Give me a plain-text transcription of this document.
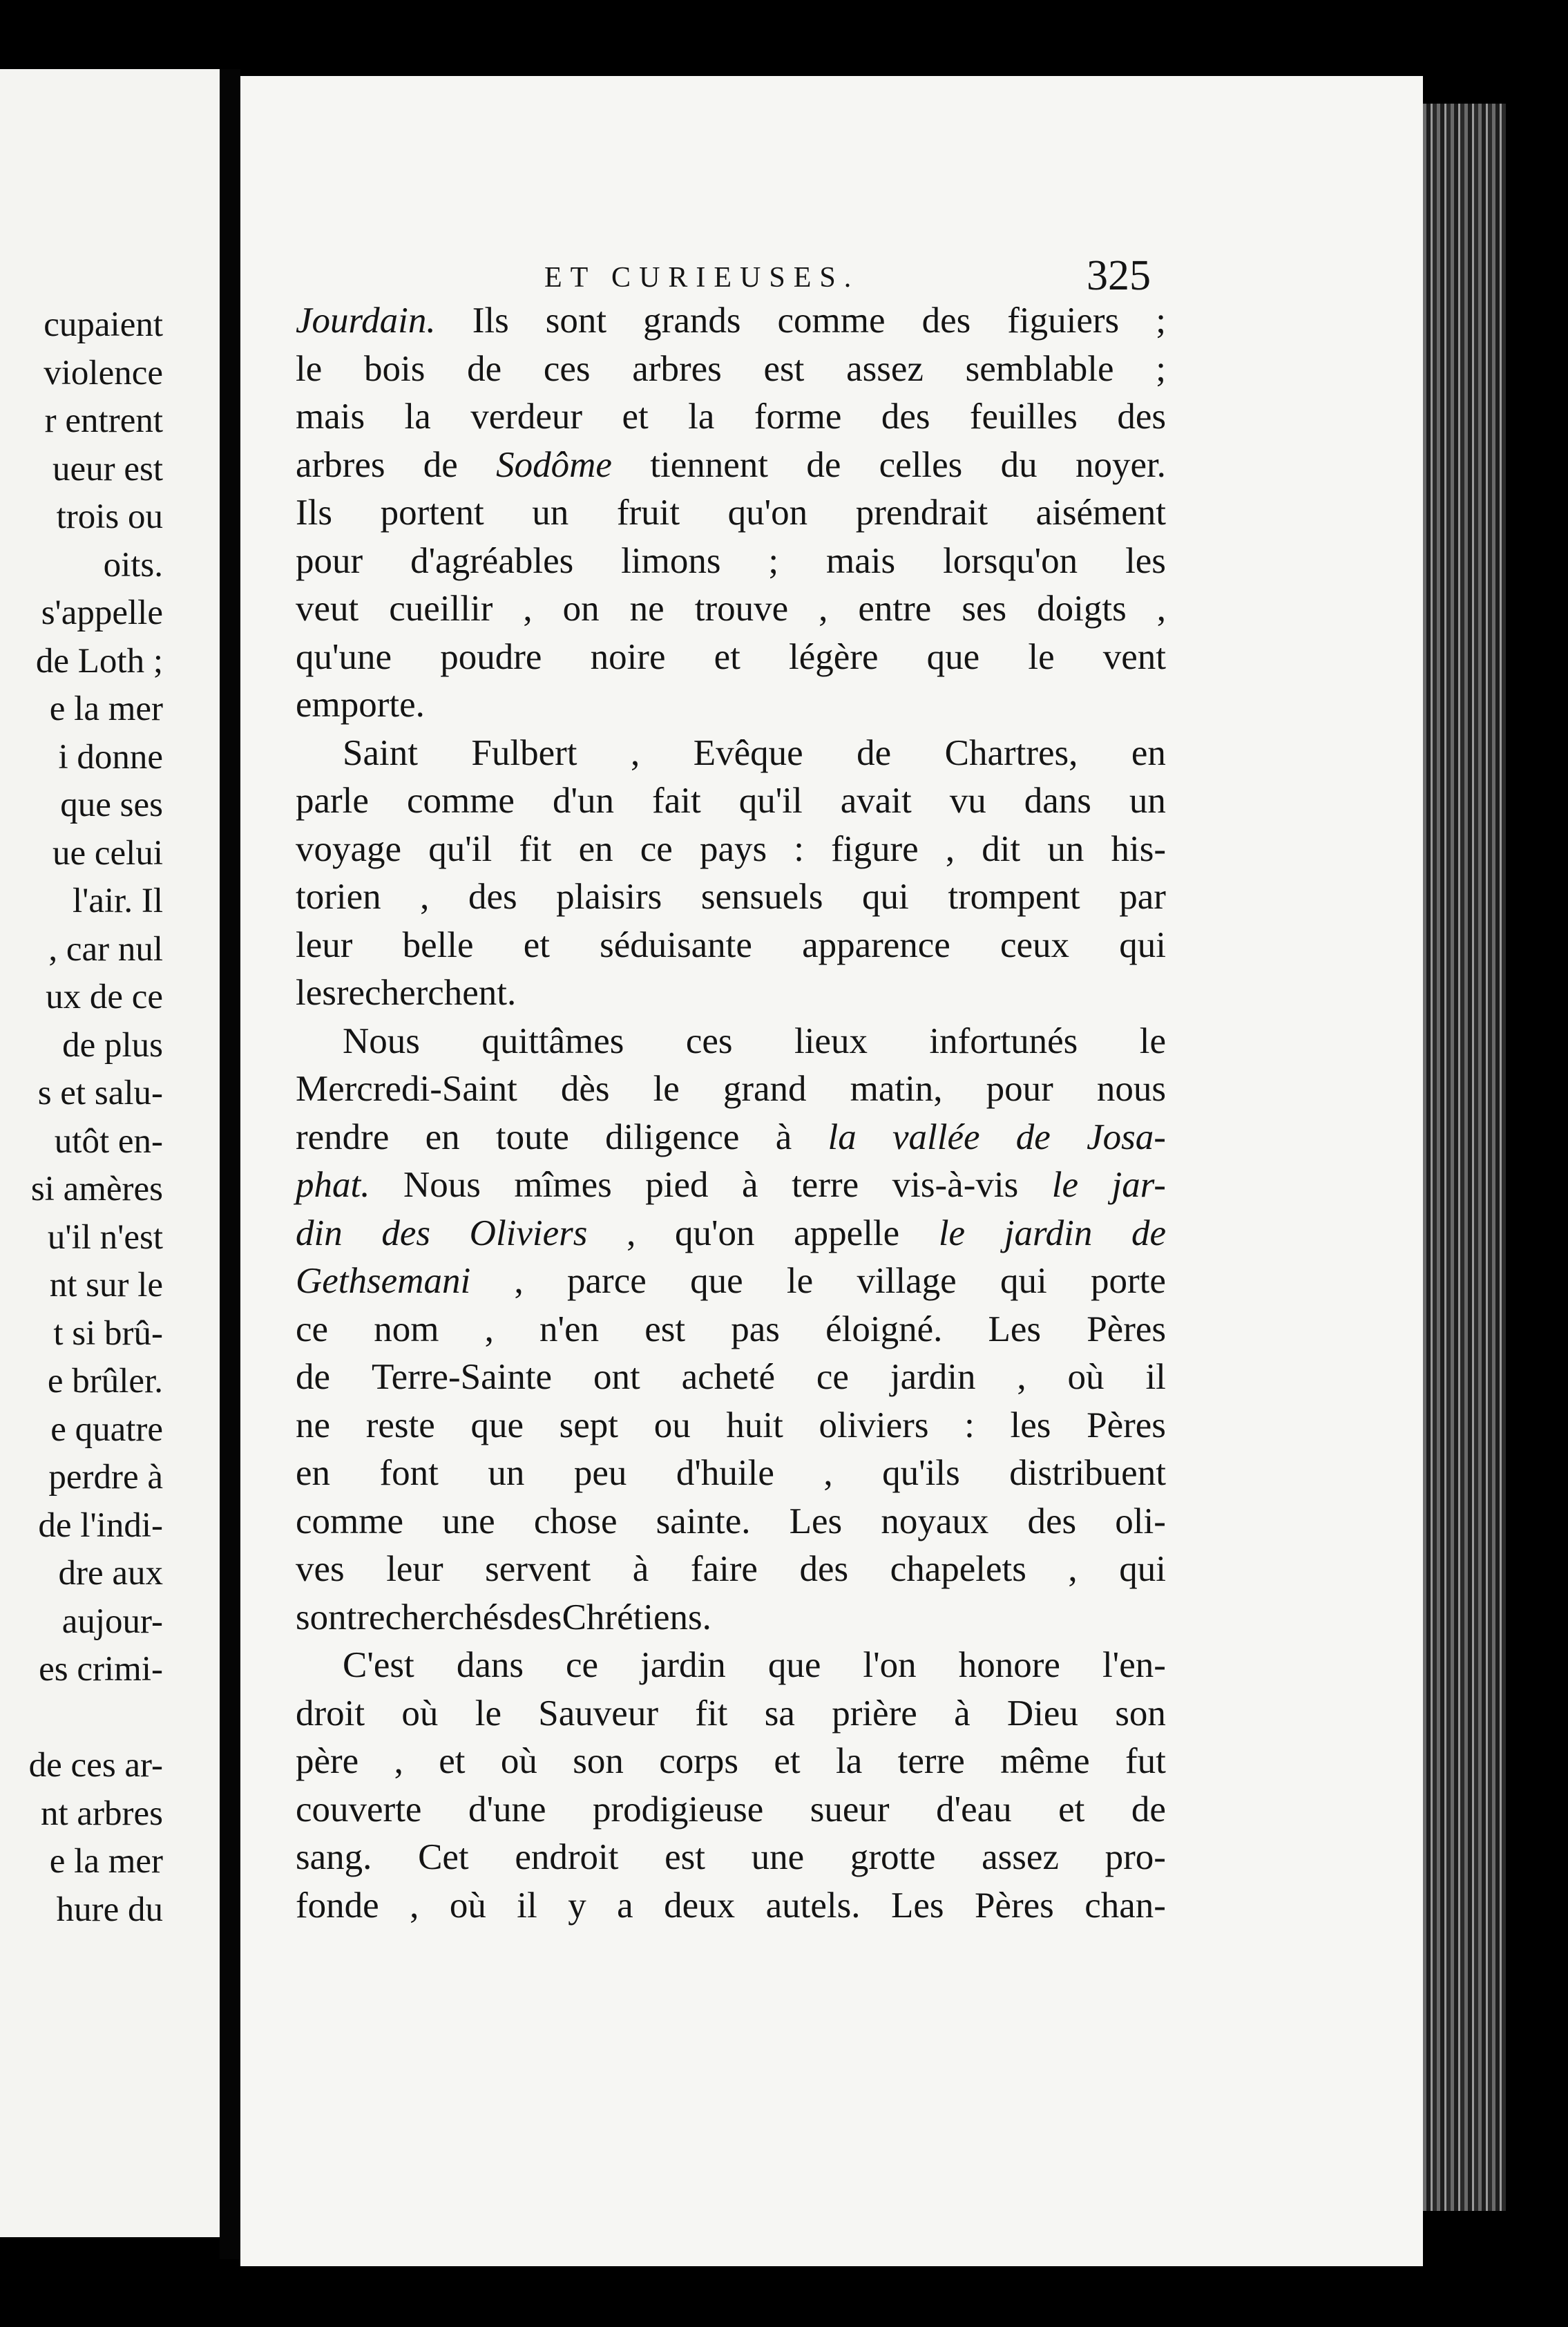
cupaient
violence
r entrent
ueur est
trois ou
oits.
s'appelle
de Loth ;
e la mer
i donne
que ses
ue celui
l'air. Il
, car nul
ux de ce
de plus
s et salu-
utôt en-
si amères
u'il n'est
nt sur le
t si brû-
e brûler.
e quatre
perdre à
de l'indi-
dre aux
aujour-
es crimi-

de ces ar-
nt arbres
e la mer
hure du
ET CURIEUSES.	325
Jourdain. Ils sont grands comme des figuiers ;
le bois de ces arbres est assez semblable ;
mais la verdeur et la forme des feuilles des
arbres de Sodôme tiennent de celles du noyer.
Ils portent un fruit qu'on prendrait aisément
pour d'agréables limons ; mais lorsqu'on les
veut cueillir , on ne trouve , entre ses doigts ,
qu'une poudre noire et légère que le vent
emporte.
Saint Fulbert , Evêque de Chartres, en
parle comme d'un fait qu'il avait vu dans un
voyage qu'il fit en ce pays : figure , dit un his-
torien , des plaisirs sensuels qui trompent par
leur belle et séduisante apparence ceux qui
les recherchent.
Nous quittâmes ces lieux infortunés le
Mercredi-Saint dès le grand matin, pour nous
rendre en toute diligence à la vallée de Josa-
phat. Nous mîmes pied à terre vis-à-vis le jar-
din des Oliviers , qu'on appelle le jardin de
Gethsemani , parce que le village qui porte
ce nom , n'en est pas éloigné. Les Pères
de Terre-Sainte ont acheté ce jardin , où il
ne reste que sept ou huit oliviers : les Pères
en font un peu d'huile , qu'ils distribuent
comme une chose sainte. Les noyaux des oli-
ves leur servent à faire des chapelets , qui
sont recherchés des Chrétiens.
C'est dans ce jardin que l'on honore l'en-
droit où le Sauveur fit sa prière à Dieu son
père , et où son corps et la terre même fut
couverte d'une prodigieuse sueur d'eau et de
sang. Cet endroit est une grotte assez pro-
fonde , où il y a deux autels. Les Pères chan-
